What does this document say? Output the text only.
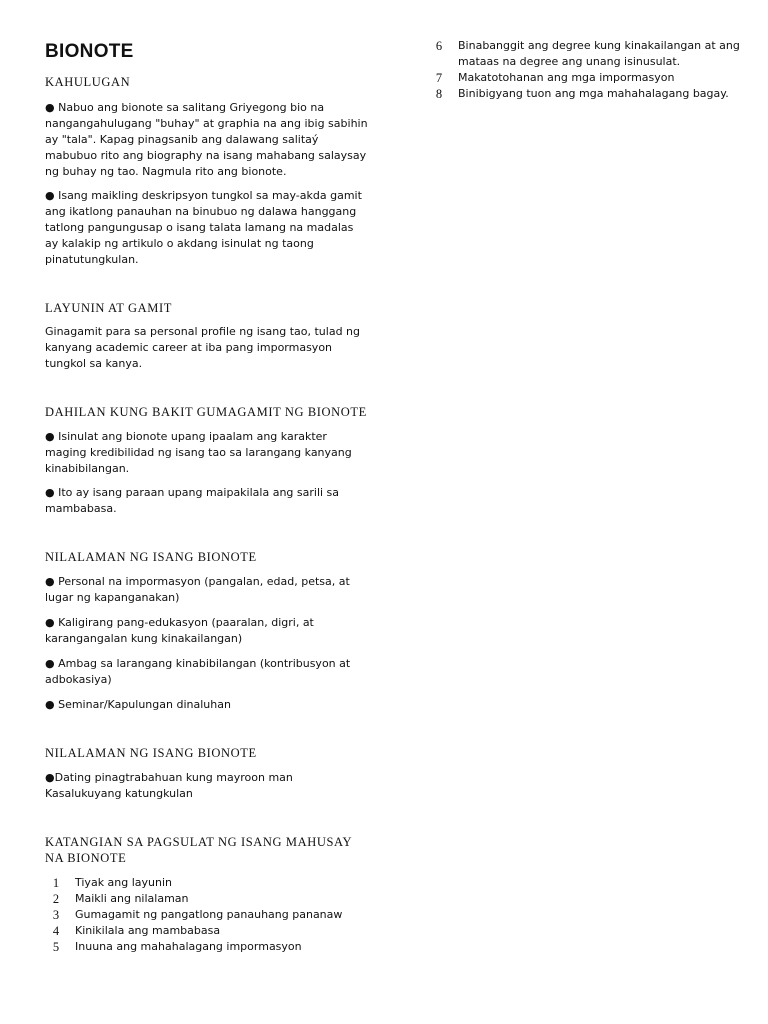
BIONOTE
KAHULUGAN

● Nabuo ang bionote sa salitang Griyegong bio na nangangahulugang "buhay" at graphia na ang ibig sabihin ay "tala". Kapag pinagsanib ang dalawang salitaý mabubuo rito ang biography na isang mahabang salaysay ng buhay ng tao. Nagmula rito ang bionote.

● Isang maikling deskripsyon tungkol sa may-akda gamit ang ikatlong panauhan na binubuo ng dalawa hanggang tatlong pangungusap o isang talata lamang na madalas ay kalakip ng artikulo o akdang isinulat ng taong pinatutungkulan.

LAYUNIN AT GAMIT

Ginagamit para sa personal profile ng isang tao, tulad ng kanyang academic career at iba pang impormasyon tungkol sa kanya.

DAHILAN KUNG BAKIT GUMAGAMIT NG BIONOTE

● Isinulat ang bionote upang ipaalam ang karakter maging kredibilidad ng isang tao sa larangang kanyang kinabibilangan.

● Ito ay isang paraan upang maipakilala ang sarili sa mambabasa.

NILALAMAN NG ISANG BIONOTE

● Personal na impormasyon (pangalan, edad, petsa, at lugar ng kapanganakan)

● Kaligirang pang-edukasyon (paaralan, digri, at karangangalan kung kinakailangan)

● Ambag sa larangang kinabibilangan (kontribusyon at adbokasiya)

● Seminar/Kapulungan dinaluhan

NILALAMAN NG ISANG BIONOTE

●Dating pinagtrabahuan kung mayroon man Kasalukuyang katungkulan

KATANGIAN SA PAGSULAT NG ISANG MAHUSAY NA BIONOTE
1	Tiyak ang layunin
2	Maikli ang nilalaman
3	Gumagamit ng pangatlong panauhang pananaw
4	Kinikilala ang mambabasa
5	Inuuna ang mahahalagang impormasyon
6	Binabanggit ang degree kung kinakailangan at ang mataas na degree ang unang isinusulat.
7	Makatotohanan ang mga impormasyon
8	Binibigyang tuon ang mga mahahalagang bagay.
